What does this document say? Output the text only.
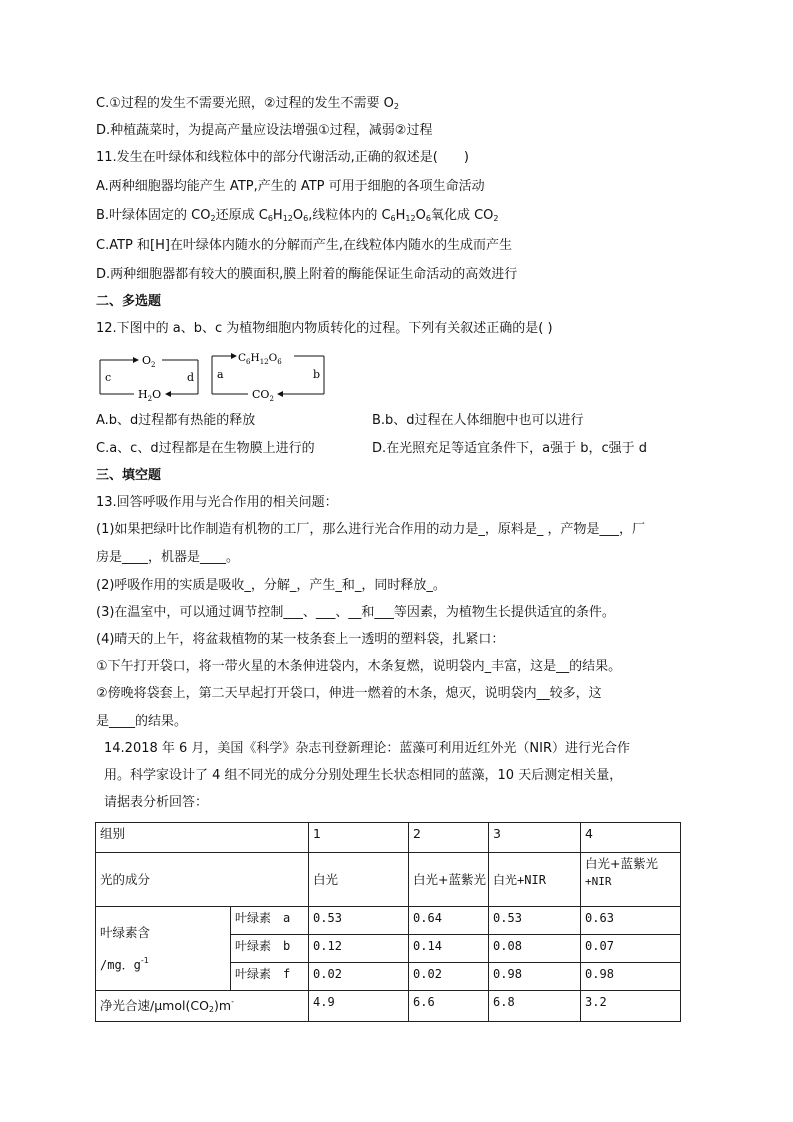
C.①过程的发生不需要光照，②过程的发生不需要 $O_2$
D.种植蔬菜时，为提高产量应设法增强①过程，减弱②过程
11.发生在叶绿体和线粒体中的部分代谢活动,正确的叙述是(　　)
A.两种细胞器均能产生 ATP,产生的 ATP 可用于细胞的各项生命活动
B.叶绿体固定的 $CO_2$还原成 $C_6H_{12}O_6$,线粒体内的 $C_6H_{12}O_6$氧化成 $CO_2$
C.ATP 和[H]在叶绿体内随水的分解而产生,在线粒体内随水的生成而产生
D.两种细胞器都有较大的膜面积,膜上附着的酶能保证生命活动的高效进行
二、多选题
12.下图中的 a、b、c 为植物细胞内物质转化的过程。下列有关叙述正确的是( )
$O_2$
$H_2O$
c	d
$C_6H_{12}O_6$
$CO_2$
a	b
A.b、d过程都有热能的释放	B.b、d过程在人体细胞中也可以进行
C.a、c、d过程都是在生物膜上进行的	D.在光照充足等适宜条件下，a强于 b，c强于 d
三、填空题
13.回答呼吸作用与光合作用的相关问题：
(1)如果把绿叶比作制造有机物的工厂，那么进行光合作用的动力是_，原料是_ ，产物是___，厂
房是____，机器是____。
(2)呼吸作用的实质是吸收_，分解_，产生_和_，同时释放_。
(3)在温室中，可以通过调节控制___、___、__和___等因素，为植物生长提供适宜的条件。
(4)晴天的上午，将盆栽植物的某一枝条套上一透明的塑料袋，扎紧口：
①下午打开袋口，将一带火星的木条伸进袋内，木条复燃，说明袋内_丰富，这是__的结果。
②傍晚将袋套上，第二天早起打开袋口，伸进一燃着的木条，熄灭，说明袋内__较多，这
是____的结果。
14.2018 年 6 月，美国《科学》杂志刊登新理论：蓝藻可利用近红外光（NIR）进行光合作
用。科学家设计了 4 组不同光的成分分别处理生长状态相同的蓝藻，10 天后测定相关量，
请据表分析回答：
组别		1	2	3	4
光的成分		白光	白光+蓝紫光	白光+NIR	白光+蓝紫光
+NIR

叶绿素含
/mg．$g^{-1}$	叶绿素　a	0.53	0.64	0.53	0.63
	叶绿素　b	0.12	0.14	0.08	0.07
	叶绿素　f	0.02	0.02	0.98	0.98
净光合速$/\mu mol(CO_2)m^-$		4.9	6.6	6.8	3.2
